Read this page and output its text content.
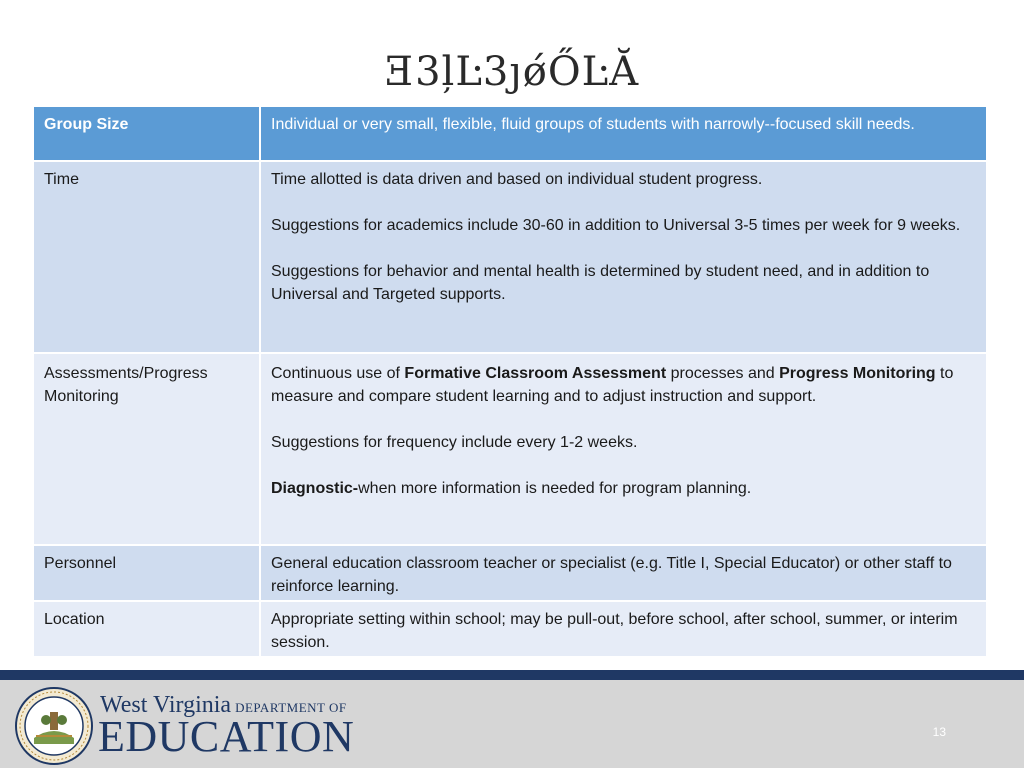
Ǝ3ļĿ3ȷǿŐĿĂ
Group Size	Individual or very small, flexible, fluid groups of students with narrowly--focused skill needs.
Time	Time allotted is data driven and based on individual student progress.

Suggestions for academics include 30-60 in addition to Universal 3-5 times per week for 9 weeks.

Suggestions for behavior and mental health is determined by student need, and in addition to Universal and Targeted supports.

Assessments/Progress Monitoring	Continuous use of Formative Classroom Assessment processes and Progress Monitoring to measure and compare student learning and to adjust instruction and support.

Suggestions for frequency include every 1-2 weeks.

Diagnostic-when more information is needed for program planning.

Personnel	General education classroom teacher or specialist (e.g. Title I, Special Educator) or other staff to reinforce learning.
Location	Appropriate setting within school; may be pull-out, before school, after school, summer, or interim session.
West Virginia DEPARTMENT OF
EDUCATION	13
